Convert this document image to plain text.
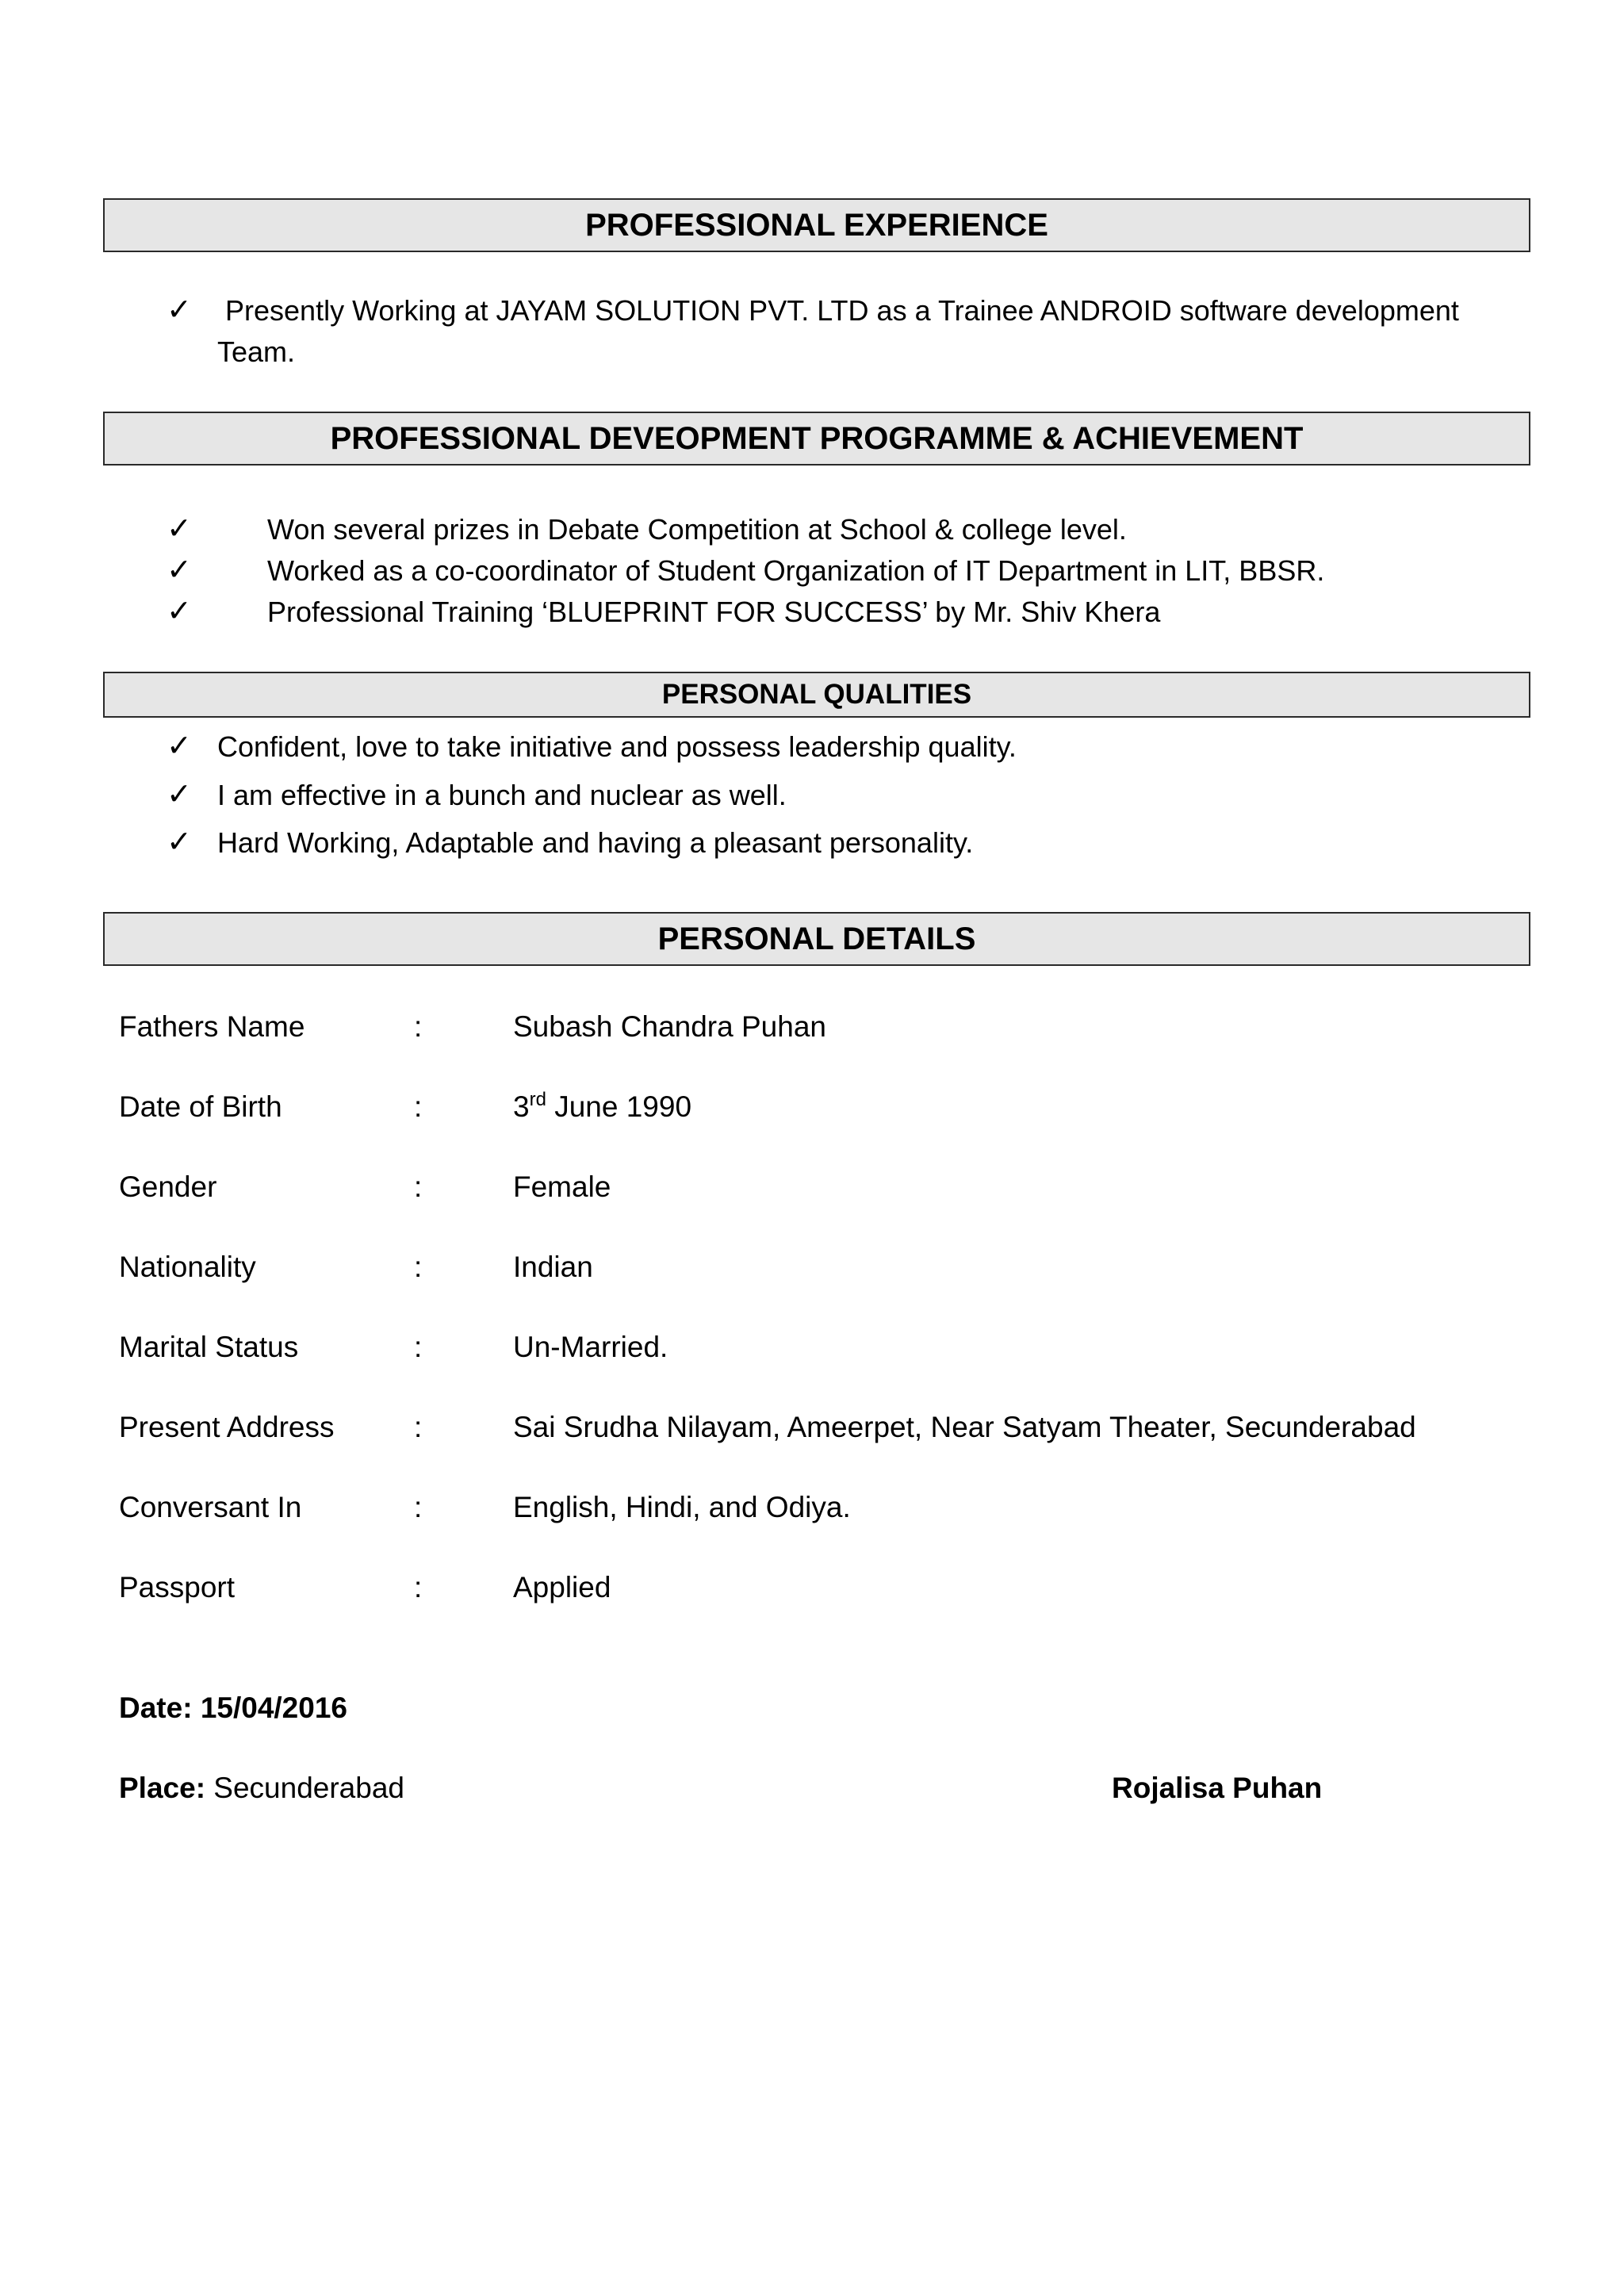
PROFESSIONAL EXPERIENCE
✓ Presently Working at JAYAM SOLUTION PVT. LTD as a Trainee ANDROID software development
Team.
PROFESSIONAL DEVEOPMENT PROGRAMME & ACHIEVEMENT
✓	Won several prizes in Debate Competition at School & college level.
✓	Worked as a co-coordinator of Student Organization of IT Department in LIT, BBSR.
✓	Professional Training ‘BLUEPRINT FOR SUCCESS’ by Mr. Shiv Khera
PERSONAL QUALITIES
✓ Confident, love to take initiative and possess leadership quality.
✓ I am effective in a bunch and nuclear as well.
✓ Hard Working, Adaptable and having a pleasant personality.
PERSONAL DETAILS
Fathers Name	:	Subash Chandra Puhan
Date of Birth	:	3rd June 1990
Gender	:	Female
Nationality	:	Indian
Marital Status	:	Un-Married.
Present Address	:	Sai Srudha Nilayam, Ameerpet, Near Satyam Theater, Secunderabad
Conversant In	:	English, Hindi, and Odiya.
Passport	:	Applied
Date: 15/04/2016
Place: Secunderabad	Rojalisa Puhan
